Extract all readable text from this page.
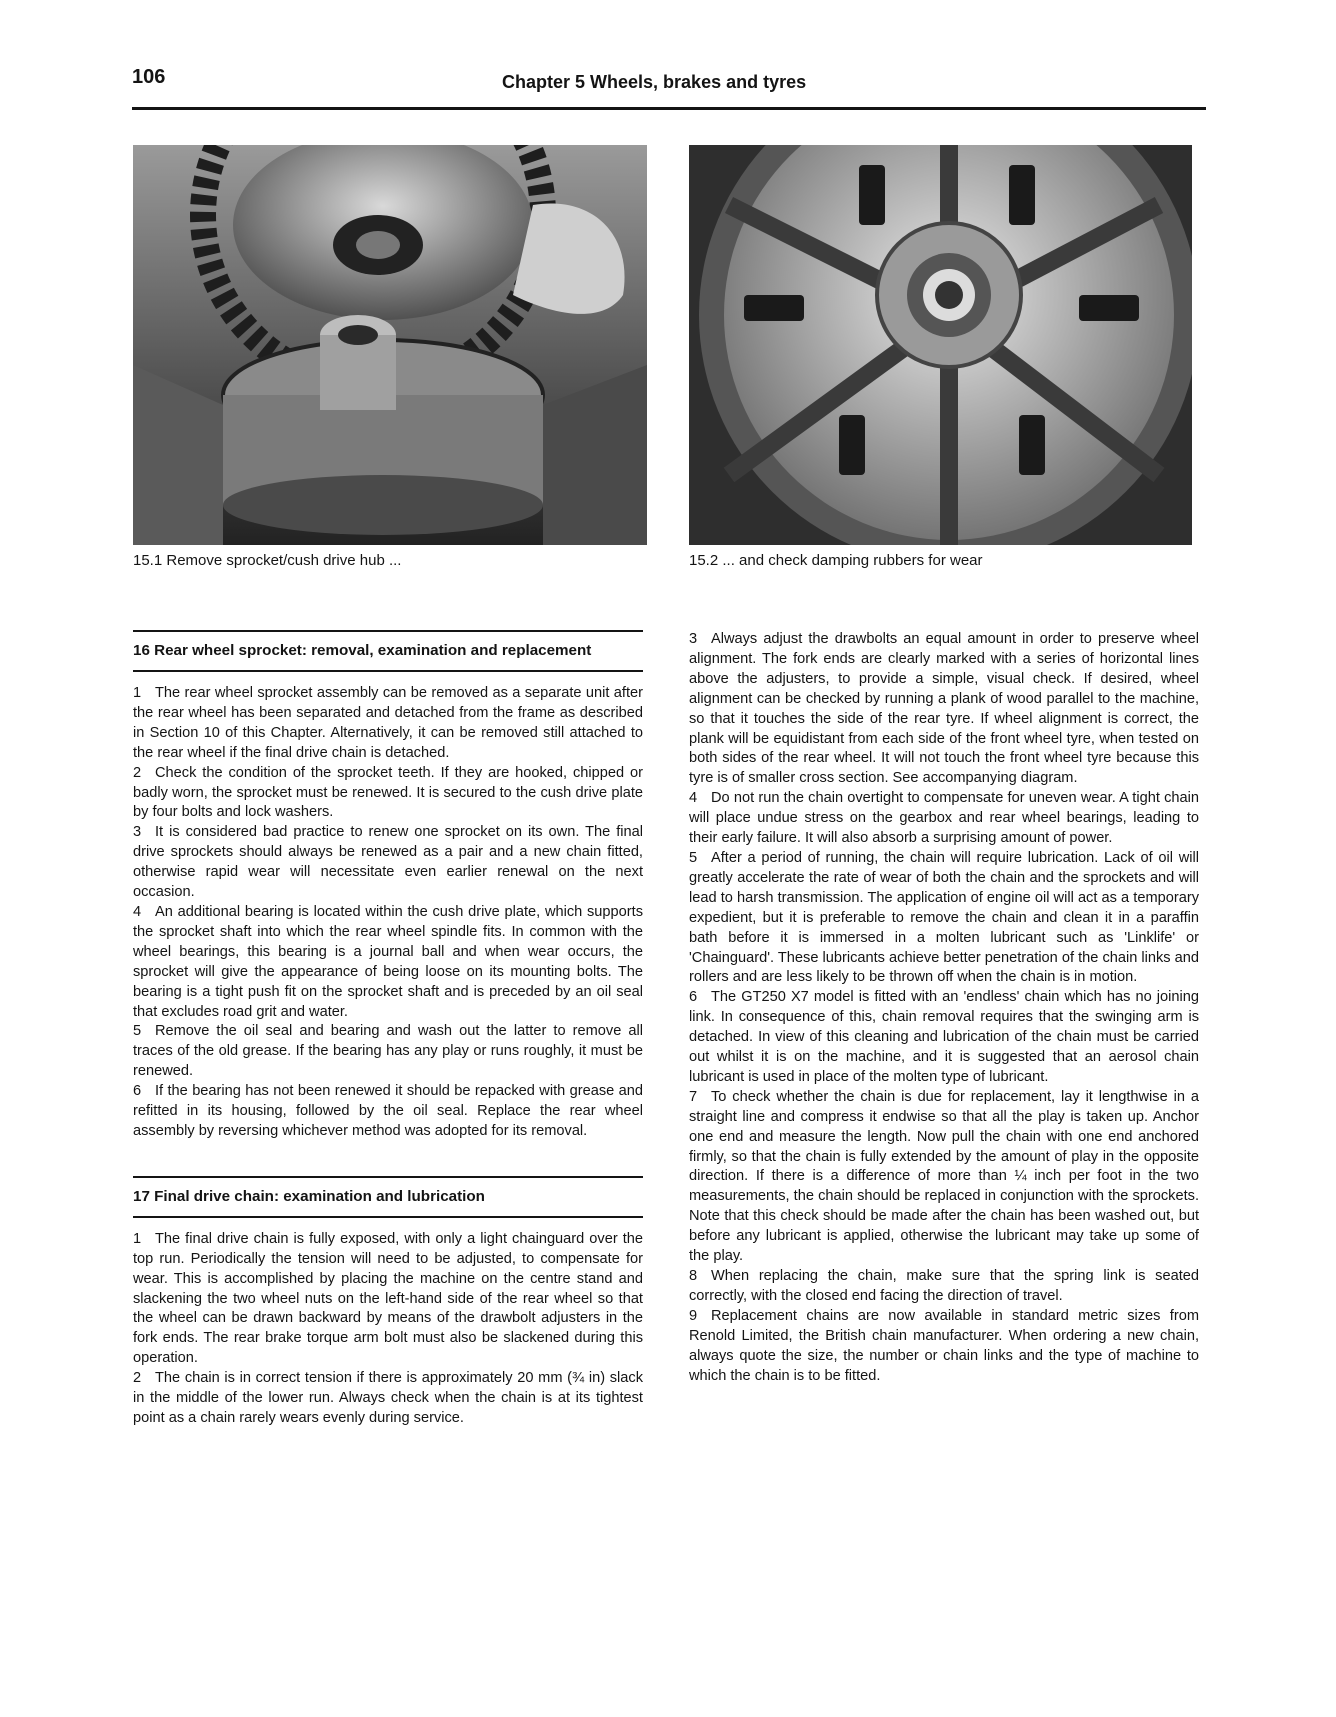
106	Chapter 5 Wheels, brakes and tyres
15.1 Remove sprocket/cush drive hub ...	15.2 ... and check damping rubbers for wear
16 Rear wheel sprocket: removal, examination and replacement

1 The rear wheel sprocket assembly can be removed as a separate unit after the rear wheel has been separated and detached from the frame as described in Section 10 of this Chapter. Alternatively, it can be removed still attached to the rear wheel if the final drive chain is detached.

2 Check the condition of the sprocket teeth. If they are hooked, chipped or badly worn, the sprocket must be renewed. It is secured to the cush drive plate by four bolts and lock washers.

3 It is considered bad practice to renew one sprocket on its own. The final drive sprockets should always be renewed as a pair and a new chain fitted, otherwise rapid wear will necessitate even earlier renewal on the next occasion.

4 An additional bearing is located within the cush drive plate, which supports the sprocket shaft into which the rear wheel spindle fits. In common with the wheel bearings, this bearing is a journal ball and when wear occurs, the sprocket will give the appearance of being loose on its mounting bolts. The bearing is a tight push fit on the sprocket shaft and is preceded by an oil seal that excludes road grit and water.

5 Remove the oil seal and bearing and wash out the latter to remove all traces of the old grease. If the bearing has any play or runs roughly, it must be renewed.

6 If the bearing has not been renewed it should be repacked with grease and refitted in its housing, followed by the oil seal. Replace the rear wheel assembly by reversing whichever method was adopted for its removal.

17 Final drive chain: examination and lubrication

1 The final drive chain is fully exposed, with only a light chainguard over the top run. Periodically the tension will need to be adjusted, to compensate for wear. This is accomplished by placing the machine on the centre stand and slackening the two wheel nuts on the left-hand side of the rear wheel so that the wheel can be drawn backward by means of the drawbolt adjusters in the fork ends. The rear brake torque arm bolt must also be slackened during this operation.

2 The chain is in correct tension if there is approximately 20 mm (¾ in) slack in the middle of the lower run. Always check when the chain is at its tightest point as a chain rarely wears evenly during service.

3 Always adjust the drawbolts an equal amount in order to preserve wheel alignment. The fork ends are clearly marked with a series of horizontal lines above the adjusters, to provide a simple, visual check. If desired, wheel alignment can be checked by running a plank of wood parallel to the machine, so that it touches the side of the rear tyre. If wheel alignment is correct, the plank will be equidistant from each side of the front wheel tyre, when tested on both sides of the rear wheel. It will not touch the front wheel tyre because this tyre is of smaller cross section. See accompanying diagram.

4 Do not run the chain overtight to compensate for uneven wear. A tight chain will place undue stress on the gearbox and rear wheel bearings, leading to their early failure. It will also absorb a surprising amount of power.

5 After a period of running, the chain will require lubrication. Lack of oil will greatly accelerate the rate of wear of both the chain and the sprockets and will lead to harsh transmission. The application of engine oil will act as a temporary expedient, but it is preferable to remove the chain and clean it in a paraffin bath before it is immersed in a molten lubricant such as 'Linklife' or 'Chainguard'. These lubricants achieve better penetration of the chain links and rollers and are less likely to be thrown off when the chain is in motion.

6 The GT250 X7 model is fitted with an 'endless' chain which has no joining link. In consequence of this, chain removal requires that the swinging arm is detached. In view of this cleaning and lubrication of the chain must be carried out whilst it is on the machine, and it is suggested that an aerosol chain lubricant is used in place of the molten type of lubricant.

7 To check whether the chain is due for replacement, lay it lengthwise in a straight line and compress it endwise so that all the play is taken up. Anchor one end and measure the length. Now pull the chain with one end anchored firmly, so that the chain is fully extended by the amount of play in the opposite direction. If there is a difference of more than ¼ inch per foot in the two measurements, the chain should be replaced in conjunction with the sprockets. Note that this check should be made after the chain has been washed out, but before any lubricant is applied, otherwise the lubricant may take up some of the play.

8 When replacing the chain, make sure that the spring link is seated correctly, with the closed end facing the direction of travel.

9 Replacement chains are now available in standard metric sizes from Renold Limited, the British chain manufacturer. When ordering a new chain, always quote the size, the number or chain links and the type of machine to which the chain is to be fitted.
